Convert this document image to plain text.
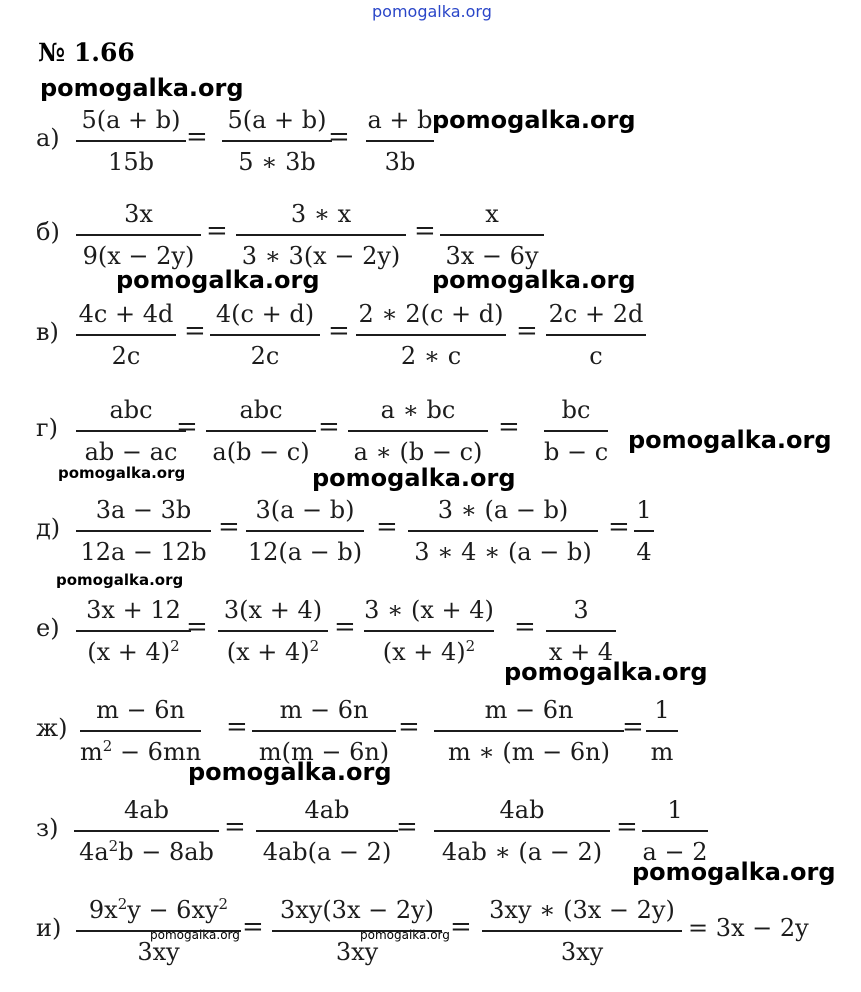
pomogalka.org
pomogalka.org
pomogalka.org
pomogalka.org	pomogalka.org
pomogalka.org
pomogalka.org	pomogalka.org
pomogalka.org
pomogalka.org
pomogalka.org
pomogalka.org
pomogalka.org	pomogalka.org
№ 1.66
а)
5(a + b)
15b
5(a + b)
5 ∗ 3b
a + b
3b
=	=
б)
3x
9(x − 2y)
3 ∗ x
3 ∗ 3(x − 2y)
x
3x − 6y
=	=
в)
4c + 4d
2c
4(c + d)
2c
2 ∗ 2(c + d)
2 ∗ c
2c + 2d
c
=	=	=
г)
abc
ab − ac
abc
a(b − c)
a ∗ bc
a ∗ (b − c)
bc
b − c
=	=	=
д)
3a − 3b
12a − 12b
3(a − b)
12(a − b)
3 ∗ (a − b)
3 ∗ 4 ∗ (a − b)
1
4
=	=	=
е)
3x + 12
$(x + 4)^2$
3(x + 4)
$(x + 4)^2$
3 ∗ (x + 4)
$(x + 4)^2$
3
x + 4
=	=	=
ж)
m − 6n
$m^2 - 6mn$
m − 6n
m(m − 6n)
m − 6n
m ∗ (m − 6n)
1
m
=	=	=
з)
4ab
$4a^2b - 8ab$
4ab
4ab(a − 2)
4ab
4ab ∗ (a − 2)
1
a − 2
=	=	=
и)
$9x^2y - 6xy^2$
3xy
3xy(3x − 2y)
3xy
3xy ∗ (3x − 2y)
3xy
=	=	= 3x − 2y
